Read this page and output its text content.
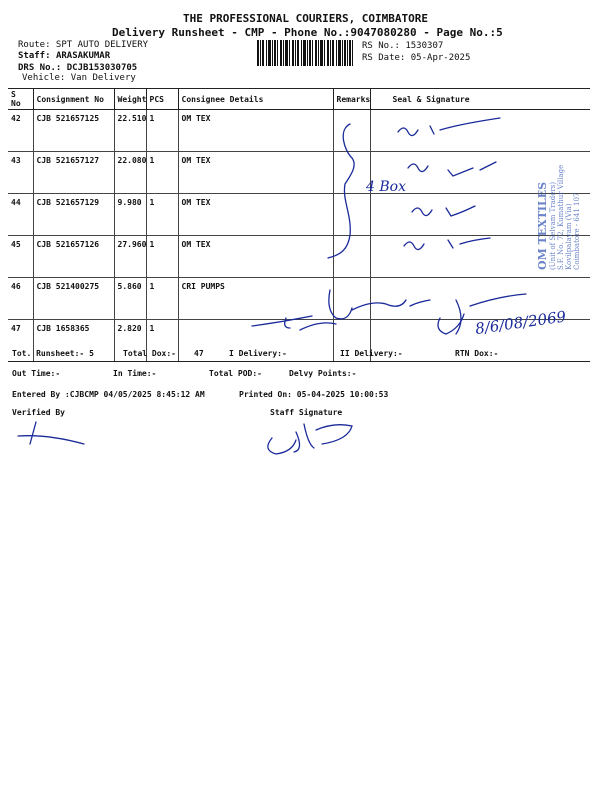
THE PROFESSIONAL COURIERS, COIMBATORE
Delivery Runsheet - CMP - Phone No.:9047080280 - Page No.:5
Route: SPT AUTO DELIVERY
Staff: ARASAKUMAR
DRS No.: DCJB153030705
Vehicle: Van Delivery
RS No.: 1530307
RS Date: 05-Apr-2025
S No	Consignment No	Weight	PCS	Consignee Details	Remarks	Seal & Signature
42	CJB 521657125	22.510	1	OM TEX		
43	CJB 521657127	22.080	1	OM TEX		
44	CJB 521657129	9.980	1	OM TEX		
45	CJB 521657126	27.960	1	OM TEX		
46	CJB 521400275	5.860	1	CRI PUMPS		
47	CJB 1658365	2.820	1			
Tot. Runsheet:- 5	Total Dox:- 47	I Delivery:-	II Delivery:-	RTN Dox:-
Out Time:-	In Time:-	Total POD:-	Delvy Points:-
Entered By :CJBCMP 04/05/2025 8:45:12 AM	Printed On: 05-04-2025 10:00:53
Verified By	Staff Signature
OM TEXTILES (Unit of Selvam Traders) S.F. No. 72, Kumathur Village Kovilpalayam (Via) Coimbatore - 641 107
4 Box
8/6/08/2069
